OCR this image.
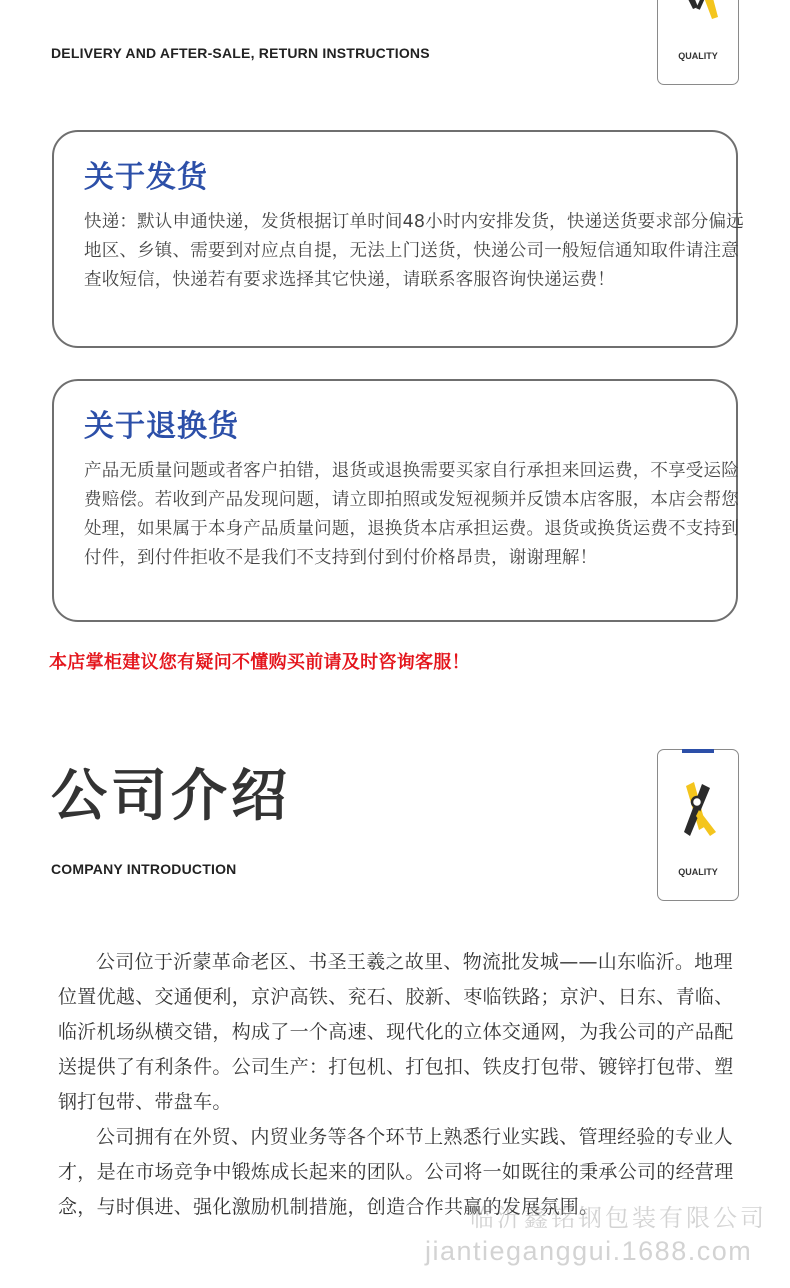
DELIVERY AND AFTER-SALE, RETURN INSTRUCTIONS	QUALITY
关于发货
快递：默认申通快递，发货根据订单时间48小时内安排发货，快递送货要求部分偏远地区、乡镇、需要到对应点自提，无法上门送货，快递公司一般短信通知取件请注意查收短信，快递若有要求选择其它快递，请联系客服咨询快递运费！
关于退换货
产品无质量问题或者客户拍错，退货或退换需要买家自行承担来回运费，不享受运险费赔偿。若收到产品发现问题，请立即拍照或发短视频并反馈本店客服，本店会帮您处理，如果属于本身产品质量问题，退换货本店承担运费。退货或换货运费不支持到付件，到付件拒收不是我们不支持到付到付价格昂贵，谢谢理解！
本店掌柜建议您有疑问不懂购买前请及时咨询客服！
公司介绍
COMPANY INTRODUCTION	QUALITY

公司位于沂蒙革命老区、书圣王羲之故里、物流批发城——山东临沂。地理位置优越、交通便利，京沪高铁、兖石、胶新、枣临铁路；京沪、日东、青临、临沂机场纵横交错，构成了一个高速、现代化的立体交通网，为我公司的产品配送提供了有利条件。公司生产：打包机、打包扣、铁皮打包带、镀锌打包带、塑钢打包带、带盘车。

公司拥有在外贸、内贸业务等各个环节上熟悉行业实践、管理经验的专业人才，是在市场竞争中锻炼成长起来的团队。公司将一如既往的秉承公司的经营理念，与时俱进、强化激励机制措施，创造合作共赢的发展氛围。

临沂鑫铭钢包装有限公司
jiantieganggui.1688.com
